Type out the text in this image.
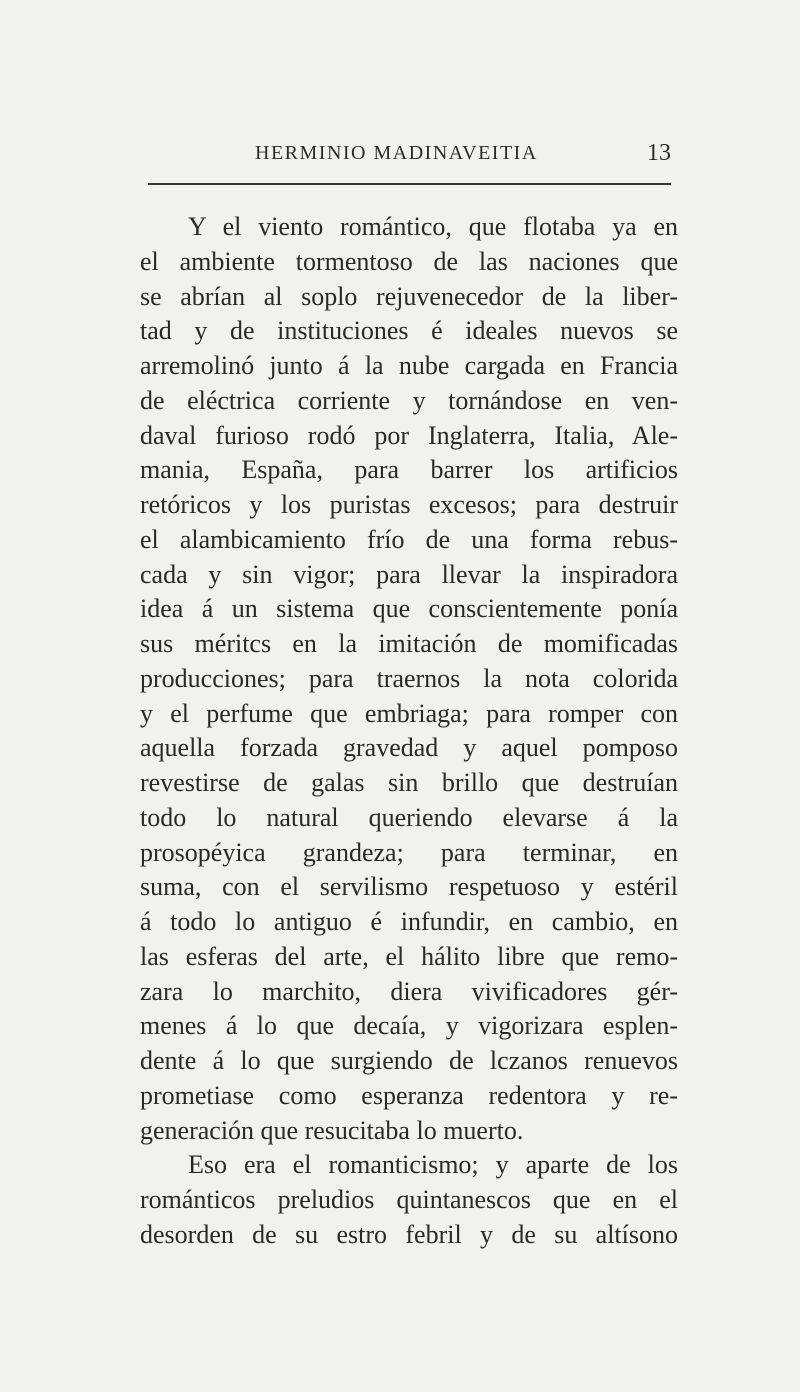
HERMINIO MADINAVEITIA	13
Y el viento romántico, que flotaba ya en
el ambiente tormentoso de las naciones que
se abrían al soplo rejuvenecedor de la liber-
tad y de instituciones é ideales nuevos se
arremolinó junto á la nube cargada en Francia
de eléctrica corriente y tornándose en ven-
daval furioso rodó por Inglaterra, Italia, Ale-
mania, España, para barrer los artificios
retóricos y los puristas excesos; para destruir
el alambicamiento frío de una forma rebus-
cada y sin vigor; para llevar la inspiradora
idea á un sistema que conscientemente ponía
sus méritcs en la imitación de momificadas
producciones; para traernos la nota colorida
y el perfume que embriaga; para romper con
aquella forzada gravedad y aquel pomposo
revestirse de galas sin brillo que destruían
todo lo natural queriendo elevarse á la
prosopéyica grandeza; para terminar, en
suma, con el servilismo respetuoso y estéril
á todo lo antiguo é infundir, en cambio, en
las esferas del arte, el hálito libre que remo-
zara lo marchito, diera vivificadores gér-
menes á lo que decaía, y vigorizara esplen-
dente á lo que surgiendo de lczanos renuevos
prometiase como esperanza redentora y re-
generación que resucitaba lo muerto.
Eso era el romanticismo; y aparte de los
románticos preludios quintanescos que en el
desorden de su estro febril y de su altísono
